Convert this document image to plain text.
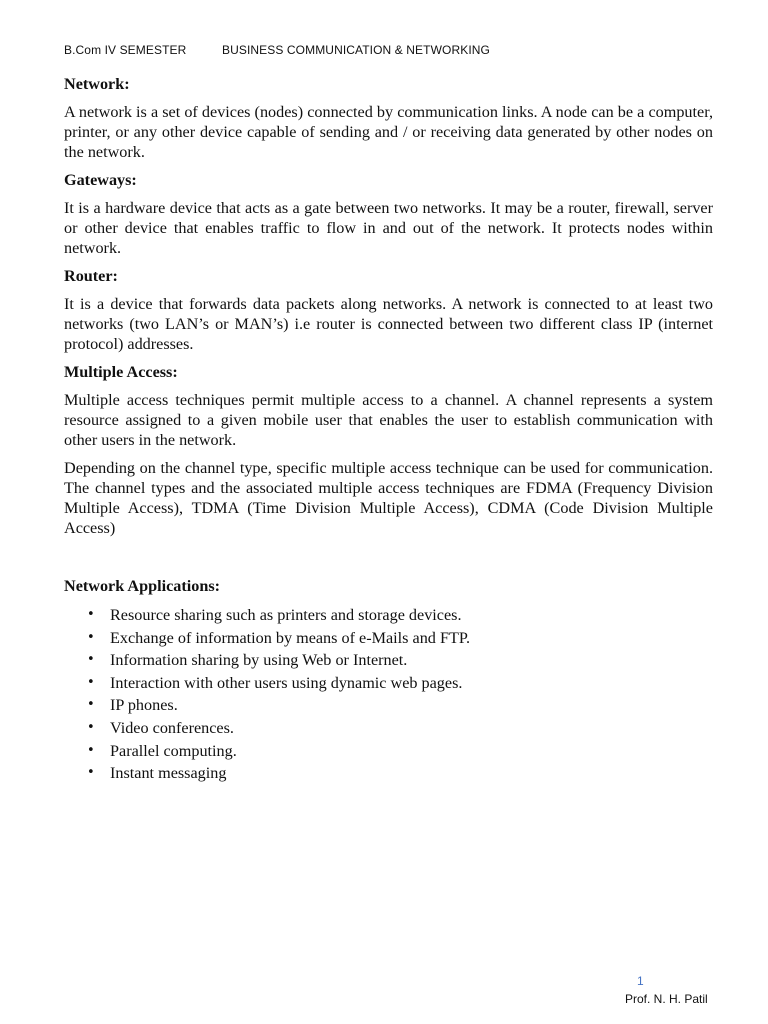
B.Com IV SEMESTER	BUSINESS COMMUNICATION & NETWORKING
Network:

A network is a set of devices (nodes) connected by communication links. A node can be a computer, printer, or any other device capable of sending and / or receiving data generated by other nodes on the network.

Gateways:

It is a hardware device that acts as a gate between two networks. It may be a router, firewall, server or other device that enables traffic to flow in and out of the network. It protects nodes within network.

Router:

It is a device that forwards data packets along networks. A network is connected to at least two networks (two LAN’s or MAN’s) i.e router is connected between two different class IP (internet protocol) addresses.

Multiple Access:

Multiple access techniques permit multiple access to a channel. A channel represents a system resource assigned to a given mobile user that enables the user to establish communication with other users in the network.

Depending on the channel type, specific multiple access technique can be used for communication. The channel types and the associated multiple access techniques are FDMA (Frequency Division Multiple Access), TDMA (Time Division Multiple Access), CDMA (Code Division Multiple Access)

Network Applications:
• Resource sharing such as printers and storage devices.
• Exchange of information by means of e-Mails and FTP.
• Information sharing by using Web or Internet.
• Interaction with other users using dynamic web pages.
• IP phones.
• Video conferences.
• Parallel computing.
• Instant messaging
1
Prof. N. H. Patil
